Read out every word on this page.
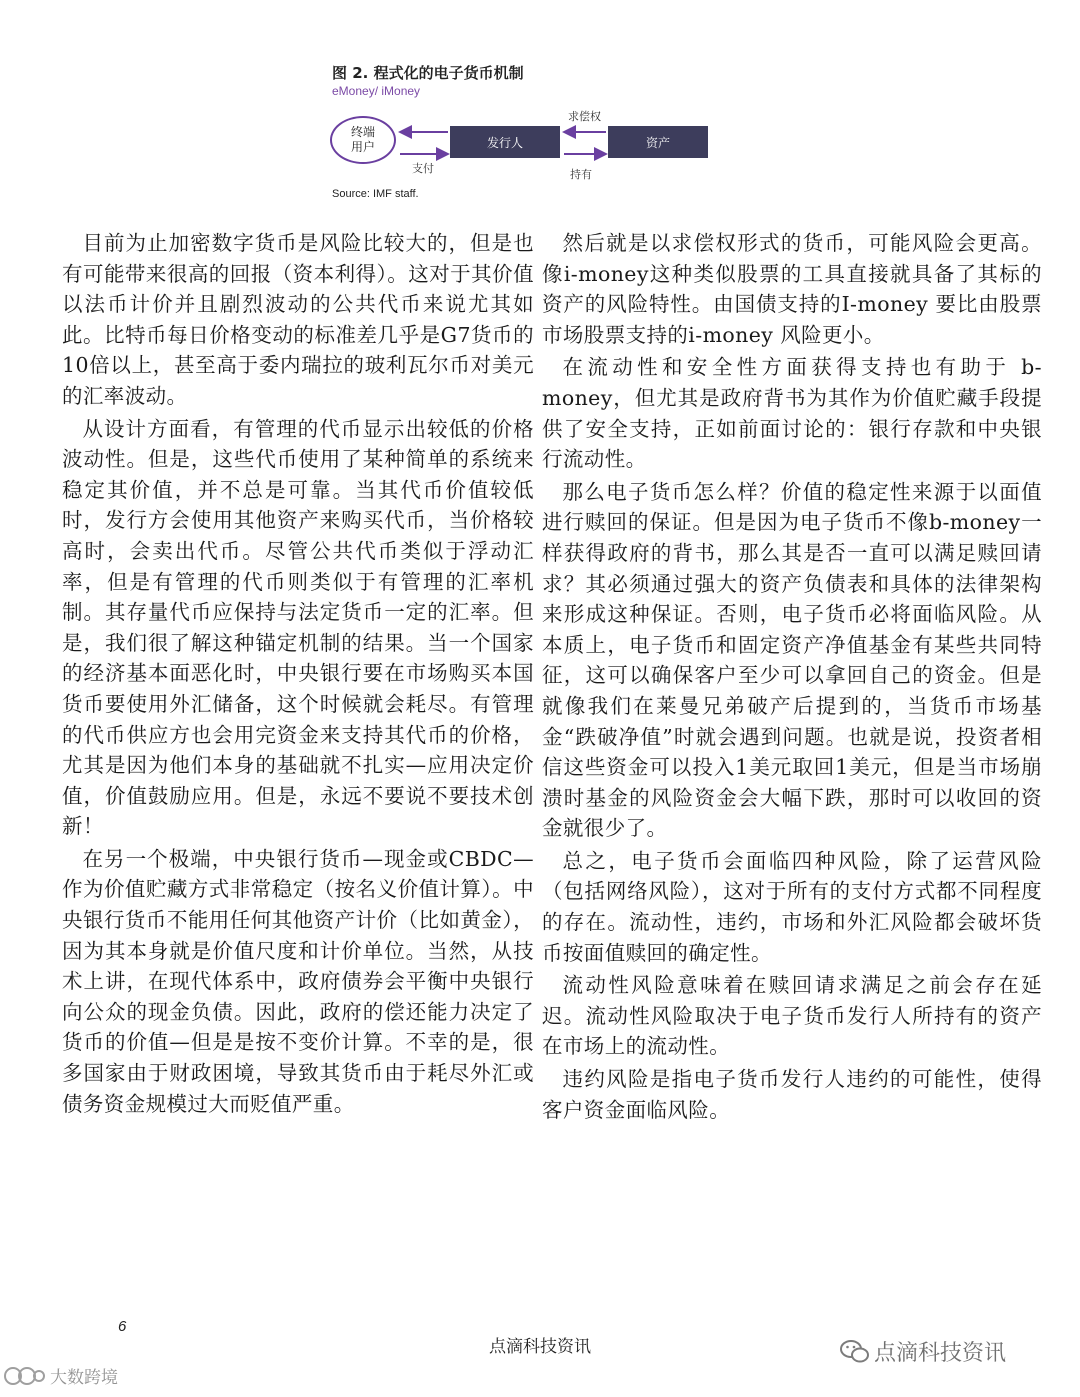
图 2. 程式化的电子货币机制
eMoney/ iMoney
终端用户	发行人	资产
求偿权
支付	持有
Source: IMF staff.

目前为止加密数字货币是风险比较大的，但是也有可能带来很高的回报（资本利得）。这对于其价值以法币计价并且剧烈波动的公共代币来说尤其如此。比特币每日价格变动的标准差几乎是G7货币的10倍以上，甚至高于委内瑞拉的玻利瓦尔币对美元的汇率波动。

从设计方面看，有管理的代币显示出较低的价格波动性。但是，这些代币使用了某种简单的系统来稳定其价值，并不总是可靠。当其代币价值较低时，发行方会使用其他资产来购买代币，当价格较高时，会卖出代币。尽管公共代币类似于浮动汇率，但是有管理的代币则类似于有管理的汇率机制。其存量代币应保持与法定货币一定的汇率。但是，我们很了解这种锚定机制的结果。当一个国家的经济基本面恶化时，中央银行要在市场购买本国货币要使用外汇储备，这个时候就会耗尽。有管理的代币供应方也会用完资金来支持其代币的价格，尤其是因为他们本身的基础就不扎实—应用决定价值，价值鼓励应用。但是，永远不要说不要技术创新！

在另一个极端，中央银行货币—现金或CBDC—作为价值贮藏方式非常稳定（按名义价值计算）。中央银行货币不能用任何其他资产计价（比如黄金），因为其本身就是价值尺度和计价单位。当然，从技术上讲，在现代体系中，政府债券会平衡中央银行向公众的现金负债。因此，政府的偿还能力决定了货币的价值—但是是按不变价计算。不幸的是，很多国家由于财政困境，导致其货币由于耗尽外汇或债务资金规模过大而贬值严重。

然后就是以求偿权形式的货币，可能风险会更高。像i-money这种类似股票的工具直接就具备了其标的资产的风险特性。由国债支持的I-money 要比由股票市场股票支持的i-money 风险更小。

在流动性和安全性方面获得支持也有助于 b-money，但尤其是政府背书为其作为价值贮藏手段提供了安全支持，正如前面讨论的：银行存款和中央银行流动性。

那么电子货币怎么样？价值的稳定性来源于以面值进行赎回的保证。但是因为电子货币不像b-money一样获得政府的背书，那么其是否一直可以满足赎回请求？其必须通过强大的资产负债表和具体的法律架构来形成这种保证。否则，电子货币必将面临风险。从本质上，电子货币和固定资产净值基金有某些共同特征，这可以确保客户至少可以拿回自己的资金。但是就像我们在莱曼兄弟破产后提到的，当货币市场基金“跌破净值”时就会遇到问题。也就是说，投资者相信这些资金可以投入1美元取回1美元，但是当市场崩溃时基金的风险资金会大幅下跌，那时可以收回的资金就很少了。

总之，电子货币会面临四种风险，除了运营风险（包括网络风险），这对于所有的支付方式都不同程度的存在。流动性，违约，市场和外汇风险都会破坏货币按面值赎回的确定性。

流动性风险意味着在赎回请求满足之前会存在延迟。流动性风险取决于电子货币发行人所持有的资产在市场上的流动性。

违约风险是指电子货币发行人违约的可能性，使得客户资金面临风险。

6
点滴科技资讯	点滴科技资讯
大数跨境
